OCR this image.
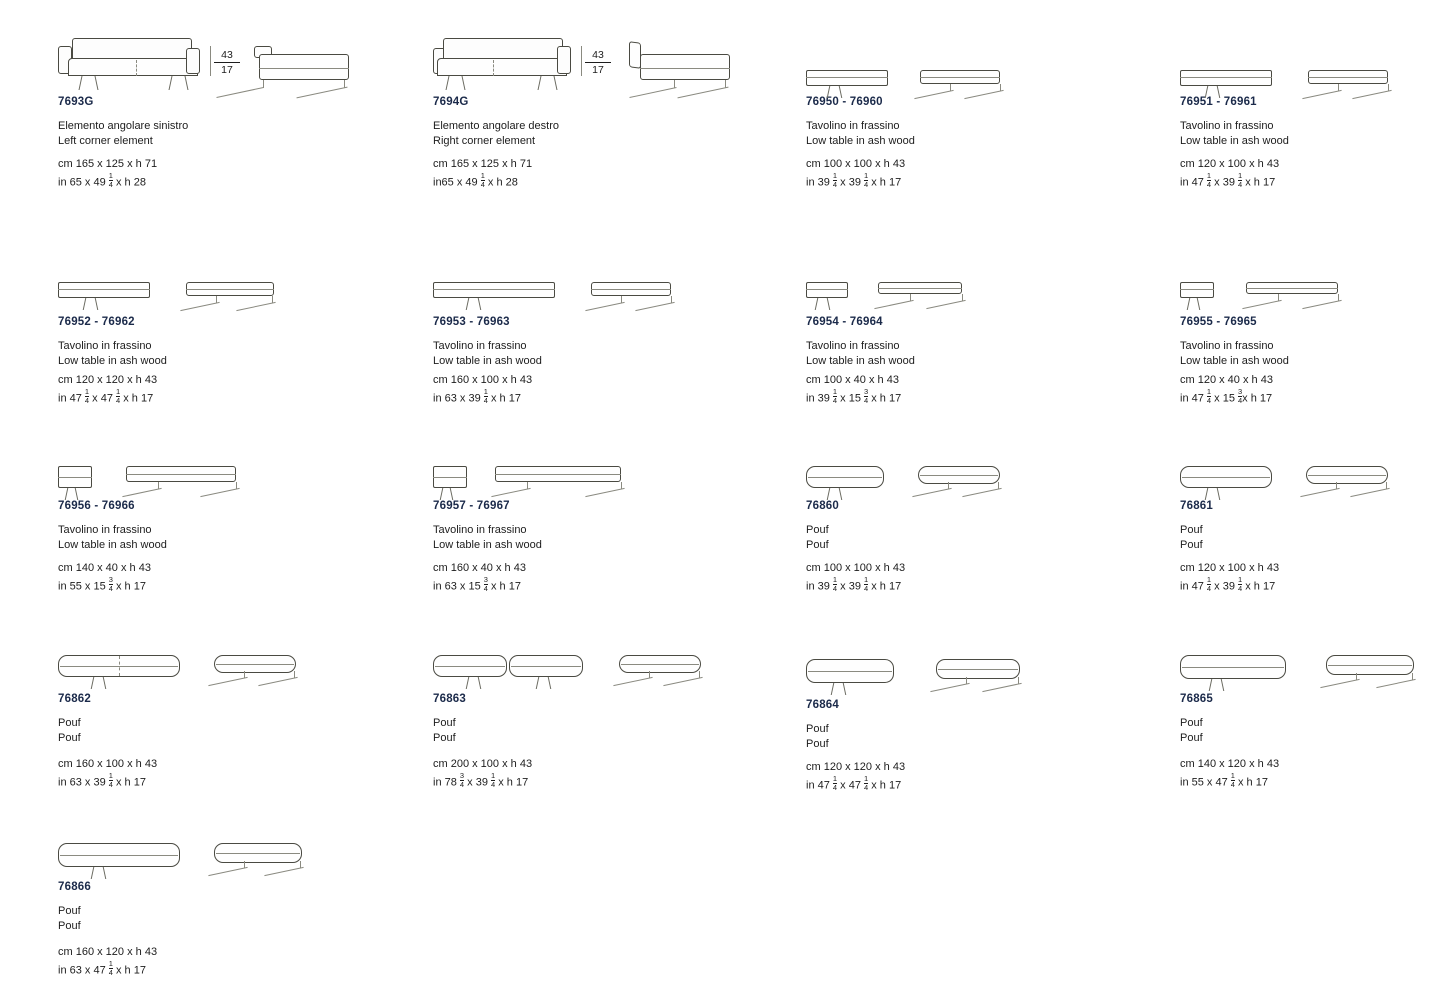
43
17
7693G
Elemento angolare sinistro
Left corner element
cm 165 x 125 x h 71
in 65 x $49 \frac{1}{4}$ x h 28
43
17
7694G
Elemento angolare destro
Right corner element
cm 165 x 125 x h 71
in65 x $49 \frac{1}{4}$ x h 28
76950 - 76960
Tavolino in frassino
Low table in ash wood
cm 100 x 100 x h 43
in $39 \frac{1}{4}$ x $39 \frac{1}{4}$ x h 17
76951 - 76961
Tavolino in frassino
Low table in ash wood
cm 120 x 100 x h 43
in $47 \frac{1}{4}$ x $39 \frac{1}{4}$ x h 17
76952 - 76962
Tavolino in frassino
Low table in ash wood
cm 120 x 120 x h 43
in $47 \frac{1}{4}$ x $47 \frac{1}{4}$ x h 17
76953 - 76963
Tavolino in frassino
Low table in ash wood
cm 160 x 100 x h 43
in 63 x $39 \frac{1}{4}$ x h 17
76954 - 76964
Tavolino in frassino
Low table in ash wood
cm 100 x 40 x h 43
in $39 \frac{1}{4}$ x $15 \frac{3}{4}$ x h 17
76955 - 76965
Tavolino in frassino
Low table in ash wood
cm 120 x 40 x h 43
in $47 \frac{1}{4}$ x $15 \frac{3}{4}$ x h 17
76956 - 76966
Tavolino in frassino
Low table in ash wood
cm 140 x 40 x h 43
in 55 x $15 \frac{3}{4}$ x h 17
76957 - 76967
Tavolino in frassino
Low table in ash wood
cm 160 x 40 x h 43
in 63 x $15 \frac{3}{4}$ x h 17
76860
Pouf
Pouf
cm 100 x 100 x h 43
in $39 \frac{1}{4}$ x $39 \frac{1}{4}$ x h 17
76861
Pouf
Pouf
cm 120 x 100 x h 43
in $47 \frac{1}{4}$ x $39 \frac{1}{4}$ x h 17
76862
Pouf
Pouf
cm 160 x 100 x h 43
in 63 x $39 \frac{1}{4}$ x h 17
76863
Pouf
Pouf
cm 200 x 100 x h 43
in $78 \frac{3}{4}$ x $39 \frac{1}{4}$ x h 17
76864
Pouf
Pouf
cm 120 x 120 x h 43
in $47 \frac{1}{4}$ x $47 \frac{1}{4}$ x h 17
76865
Pouf
Pouf
cm 140 x 120 x h 43
in 55 x $47 \frac{1}{4}$ x h 17
76866
Pouf
Pouf
cm 160 x 120 x h 43
in 63 x $47 \frac{1}{4}$ x h 17
